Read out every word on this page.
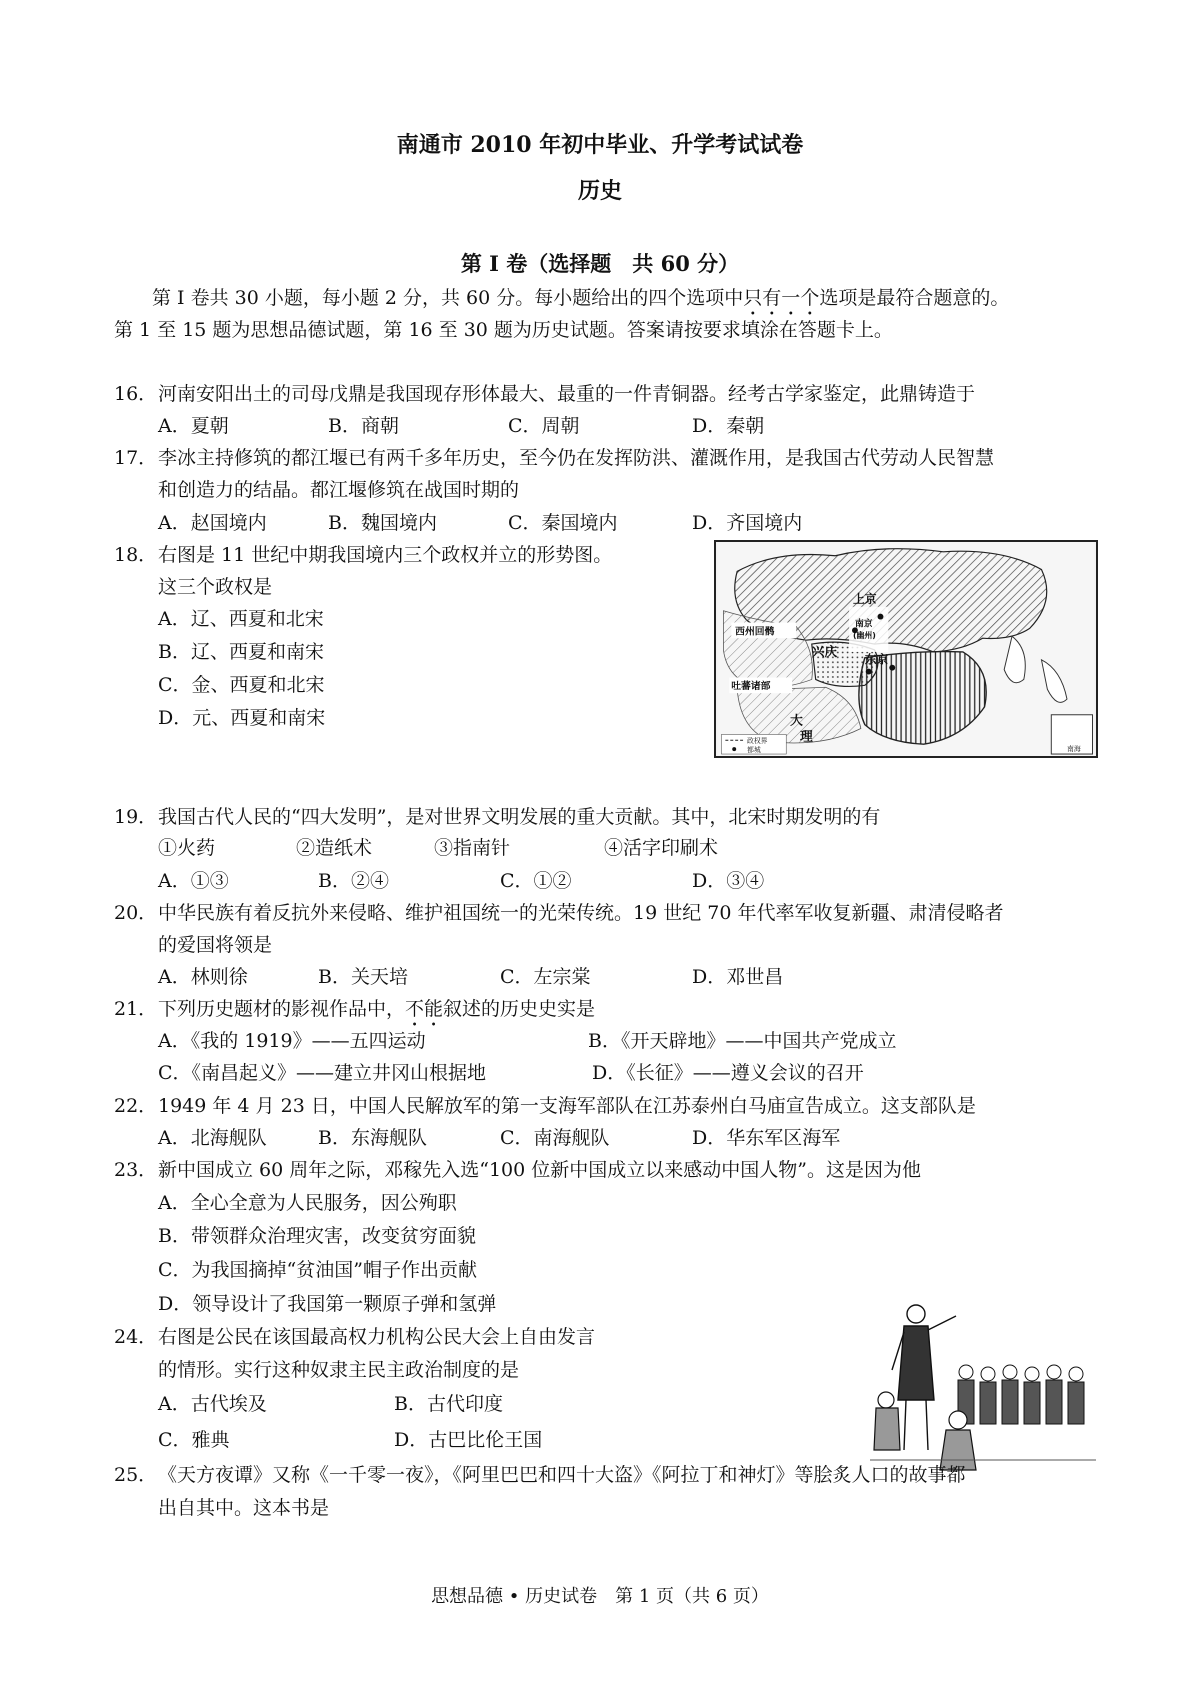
南通市 2010 年初中毕业、升学考试试卷
历史
第 Ⅰ 卷（选择题　共 60 分）
第 Ⅰ 卷共 30 小题，每小题 2 分，共 60 分。每小题给出的四个选项中只有一个选项是最符合题意的。
第 1 至 15 题为思想品德试题，第 16 至 30 题为历史试题。答案请按要求填涂在答题卡上。
16． 河南安阳出土的司母戊鼎是我国现存形体最大、最重的一件青铜器。经考古学家鉴定，此鼎铸造于
A．夏朝	B．商朝	C．周朝	D．秦朝
17． 李冰主持修筑的都江堰已有两千多年历史，至今仍在发挥防洪、灌溉作用，是我国古代劳动人民智慧
和创造力的结晶。都江堰修筑在战国时期的
A．赵国境内	B．魏国境内	C．秦国境内	D．齐国境内
18． 右图是 11 世纪中期我国境内三个政权并立的形势图。
这三个政权是
A．辽、西夏和北宋
B．辽、西夏和南宋
C．金、西夏和北宋
D．元、西夏和南宋
西州回鹘
上京
南京
(幽州)
兴庆 东京
吐蕃诸部
大
理
政权界
都城	南海
19． 我国古代人民的“四大发明”，是对世界文明发展的重大贡献。其中，北宋时期发明的有
①火药	②造纸术	③指南针	④活字印刷术
A．①③	B．②④	C．①②	D．③④
20． 中华民族有着反抗外来侵略、维护祖国统一的光荣传统。19 世纪 70 年代率军收复新疆、肃清侵略者
的爱国将领是
A．林则徐	B．关天培	C．左宗棠	D．邓世昌
21． 下列历史题材的影视作品中，不能叙述的历史史实是
A．《我的 1919》——五四运动	B．《开天辟地》——中国共产党成立
C．《南昌起义》——建立井冈山根据地	D．《长征》——遵义会议的召开
22． 1949 年 4 月 23 日，中国人民解放军的第一支海军部队在江苏泰州白马庙宣告成立。这支部队是
A．北海舰队	B．东海舰队	C．南海舰队	D．华东军区海军
23． 新中国成立 60 周年之际，邓稼先入选“100 位新中国成立以来感动中国人物”。这是因为他
A．全心全意为人民服务，因公殉职
B．带领群众治理灾害，改变贫穷面貌
C．为我国摘掉“贫油国”帽子作出贡献
D．领导设计了我国第一颗原子弹和氢弹
24． 右图是公民在该国最高权力机构公民大会上自由发言
的情形。实行这种奴隶主民主政治制度的是
A．古代埃及	B．古代印度
C．雅典	D．古巴比伦王国
25． 《天方夜谭》又称《一千零一夜》，《阿里巴巴和四十大盗》《阿拉丁和神灯》等脍炙人口的故事都
出自其中。这本书是
思想品德 • 历史试卷　第 1 页（共 6 页）
